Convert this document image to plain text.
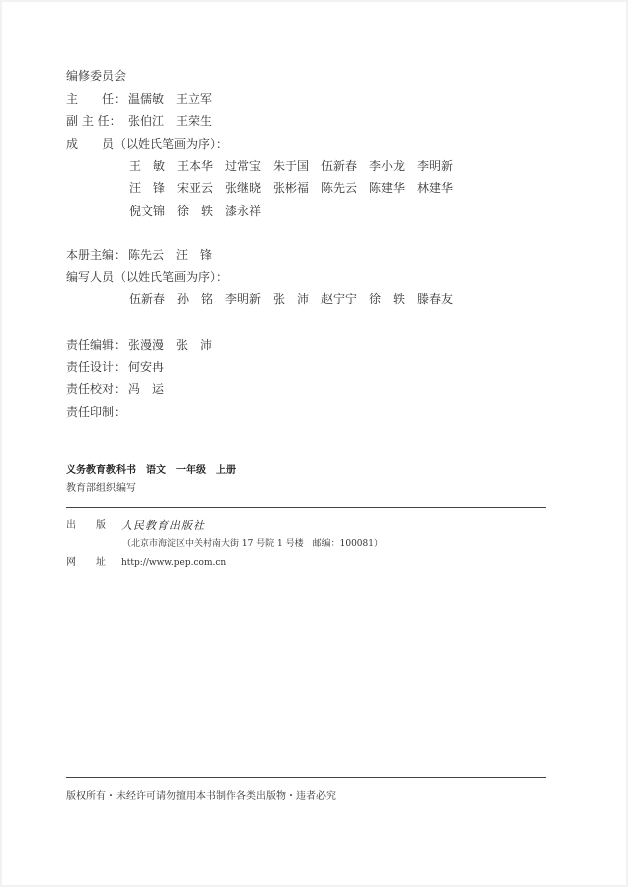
编修委员会
主　　任： 温儒敏　王立军
副 主 任： 张伯江　王荣生
成　　员（以姓氏笔画为序）：
王　敏　王本华　过常宝　朱于国　伍新春　李小龙　李明新
汪　锋　宋亚云　张继晓　张彬福　陈先云　陈建华　林建华
倪文锦　徐　轶　漆永祥
本册主编： 陈先云　汪　锋
编写人员（以姓氏笔画为序）：
伍新春　孙　铭　李明新　张　沛　赵宁宁　徐　轶　滕春友
责任编辑： 张漫漫　张　沛
责任设计： 何安冉
责任校对： 冯　运
责任印制：
义务教育教科书　语文　一年级　上册
教育部组织编写
出　　版 人民教育出版社
（北京市海淀区中关村南大街 17 号院 1 号楼　邮编：100081）
网　　址 http://www.pep.com.cn
版权所有・未经许可请勿擅用本书制作各类出版物・违者必究
